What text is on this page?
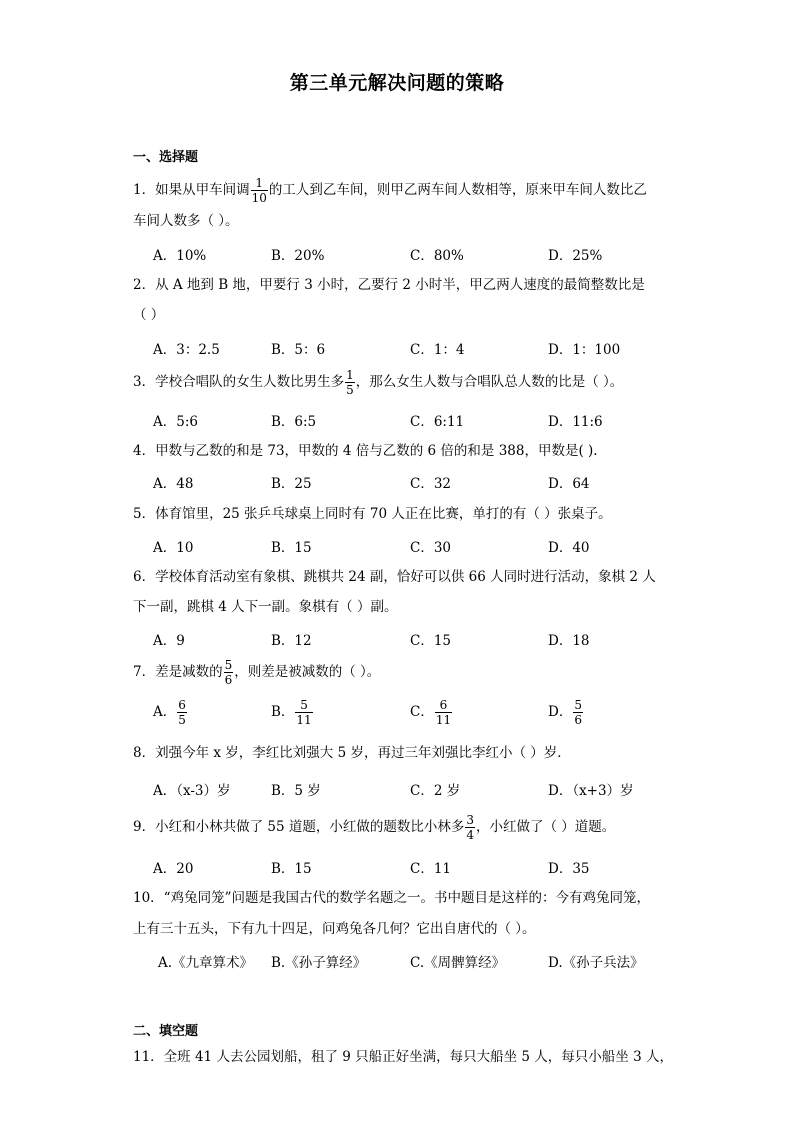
第三单元解决问题的策略
一、选择题
1．如果从甲车间调 $\frac{1}{10}$ 的工人到乙车间，则甲乙两车间人数相等，原来甲车间人数比乙
车间人数多（ ）。
A．10%	B．20%	C．80%	D．25%
2．从 A 地到 B 地，甲要行 3 小时，乙要行 2 小时半，甲乙两人速度的最简整数比是
（ ）
A．3：2.5	B．5：6	C．1：4	D．1：100
3．学校合唱队的女生人数比男生多 $\frac{1}{5}$ ，那么女生人数与合唱队总人数的比是（ ）。
A．5:6	B．6:5	C．6:11	D．11:6
4．甲数与乙数的和是 73，甲数的 4 倍与乙数的 6 倍的和是 388，甲数是( ).
A．48	B．25	C．32	D．64
5．体育馆里，25 张乒乓球桌上同时有 70 人正在比赛，单打的有（ ）张桌子。
A．10	B．15	C．30	D．40
6．学校体育活动室有象棋、跳棋共 24 副，恰好可以供 66 人同时进行活动，象棋 2 人
下一副，跳棋 4 人下一副。象棋有（ ）副。
A．9	B．12	C．15	D．18
7．差是减数的 $\frac{5}{6}$ ，则差是被减数的（ ）。
A． $\frac{6}{5}$	B． $\frac{5}{11}$	C． $\frac{6}{11}$	D． $\frac{5}{6}$
8．刘强今年 x 岁，李红比刘强大 5 岁，再过三年刘强比李红小（ ）岁．
A．（x-3）岁	B．5 岁	C．2 岁	D．（x+3）岁
9．小红和小林共做了 55 道题，小红做的题数比小林多 $\frac{3}{4}$ ，小红做了（ ）道题。
A．20	B．15	C．11	D．35
10．“鸡兔同笼”问题是我国古代的数学名题之一。书中题目是这样的：今有鸡兔同笼，
上有三十五头，下有九十四足，问鸡兔各几何？它出自唐代的（ ）。
A.《九章算术》 B.《孙子算经》	C.《周髀算经》	D.《孙子兵法》
二、填空题
11．全班 41 人去公园划船，租了 9 只船正好坐满，每只大船坐 5 人，每只小船坐 3 人，
